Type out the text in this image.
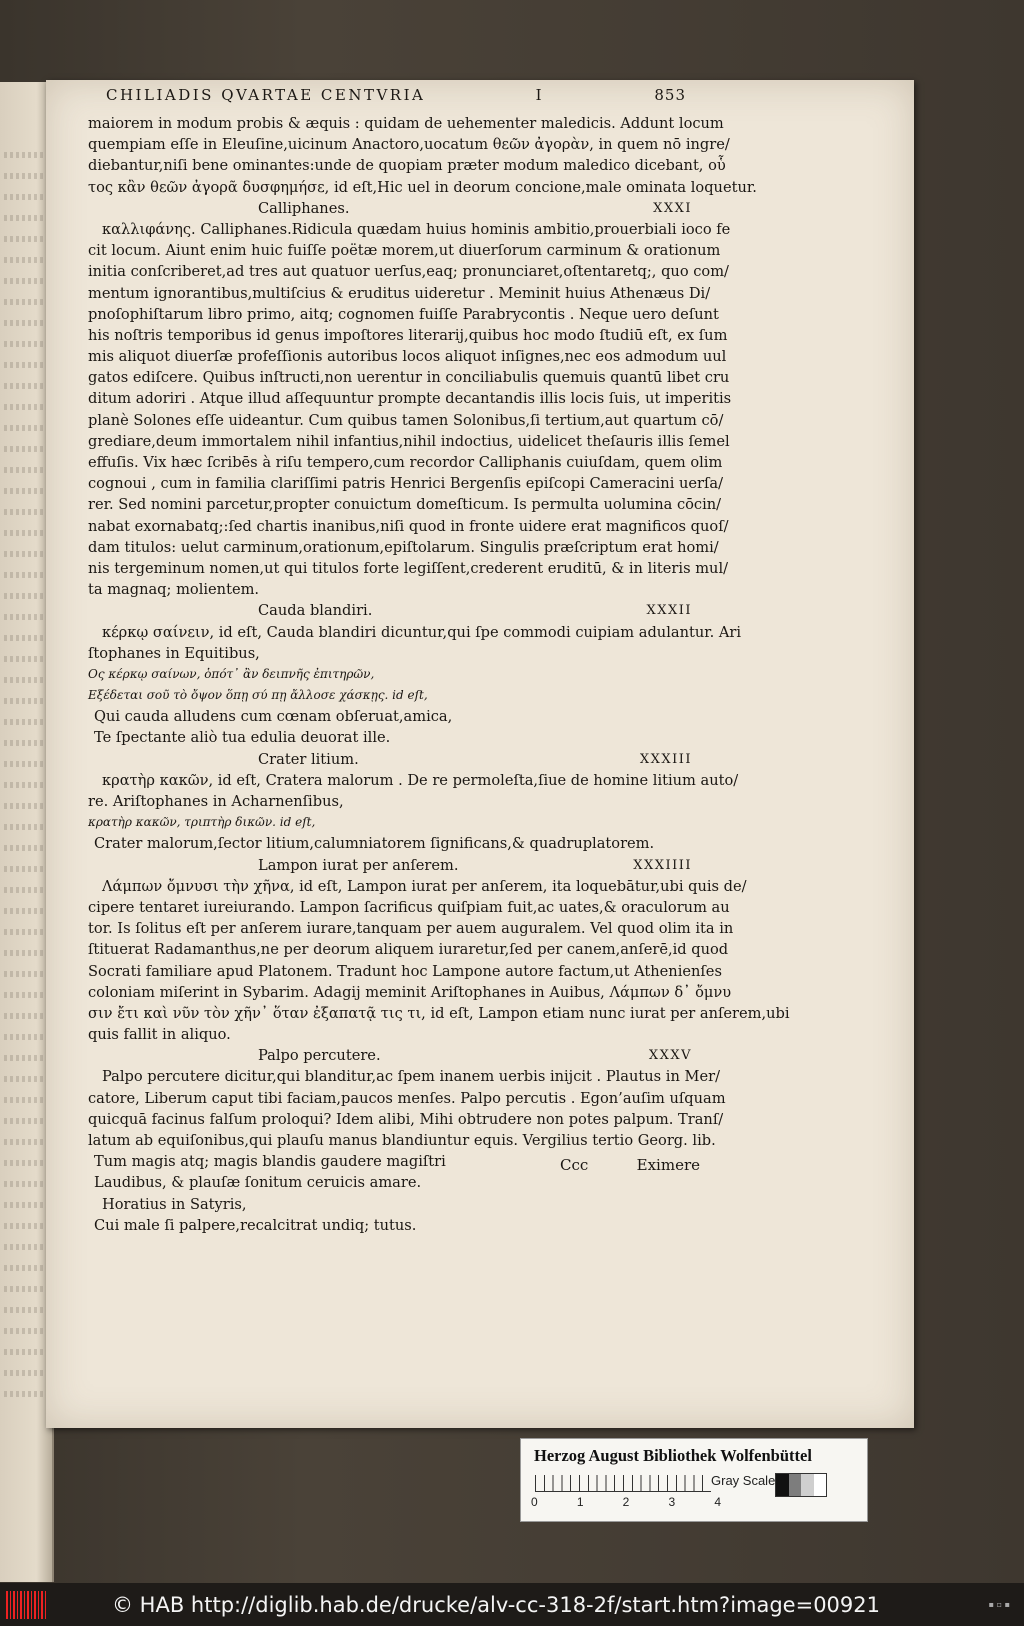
CHILIADIS QVARTAE CENTVRIA	I	853
maiorem in modum probis & æquis : quidam de uehementer maledicis. Addunt locum
quempiam eſſe in Eleuſine,uicinum Anactoro,uocatum θεῶν ἀγορὰν, in quem nō ingre/
diebantur,niſi bene ominantes:unde de quopiam præter modum maledico dicebant, οὗ
τος κἂν θεῶν ἀγορᾶ δυσφημήσε, id eſt,Hic uel in deorum concione,male ominata loquetur.
Calliphanes.	XXXI
καλλιφάνης. Calliphanes.Ridicula quædam huius hominis ambitio,prouerbiali ioco fe
cit locum. Aiunt enim huic fuiſſe poëtæ morem,ut diuerſorum carminum & orationum
initia conſcriberet,ad tres aut quatuor uerſus,eaq; pronunciaret,oſtentaretq;, quo com/
mentum ignorantibus,multiſcius & eruditus uideretur . Meminit huius Athenæus Di/
pnoſophiſtarum libro primo, aitq; cognomen fuiſſe Parabrycontis . Neque uero deſunt
his noſtris temporibus id genus impoſtores literarij,quibus hoc modo ſtudiū eſt, ex ſum
mis aliquot diuerſæ profeſſionis autoribus locos aliquot inſignes,nec eos admodum uul
gatos ediſcere. Quibus inſtructi,non uerentur in conciliabulis quemuis quantū libet cru
ditum adoriri . Atque illud aſſequuntur prompte decantandis illis locis ſuis, ut imperitis
planè Solones eſſe uideantur. Cum quibus tamen Solonibus,ſi tertium,aut quartum cō/
grediare,deum immortalem nihil infantius,nihil indoctius, uidelicet theſauris illis ſemel
effuſis. Vix hæc ſcribēs à riſu tempero,cum recordor Calliphanis cuiuſdam, quem olim
cognoui , cum in familia clariſſimi patris Henrici Bergenſis epiſcopi Cameracini uerſa/
rer. Sed nomini parcetur,propter conuictum domeſticum. Is permulta uolumina cōcin/
nabat exornabatq;:ſed chartis inanibus,niſi quod in fronte uidere erat magnificos quoſ/
dam titulos: uelut carminum,orationum,epiſtolarum. Singulis præſcriptum erat homi/
nis tergeminum nomen,ut qui titulos forte legiſſent,crederent eruditū, & in literis mul/
ta magnaq; molientem.
Cauda blandiri.	XXXII
κέρκῳ σαίνειν, id eſt, Cauda blandiri dicuntur,qui ſpe commodi cuipiam adulantur. Ari
ſtophanes in Equitibus,
Ος κέρκῳ σαίνων, ὁπότ᾽ ἂν δειπνῆς ἐπιτηρῶν,
Εξέδεται σοῦ τὸ ὄψον ὅπῃ σύ πῃ ἄλλοσε χάσκῃς. id eſt,
Qui cauda alludens cum cœnam obſeruat,amica,
Te ſpectante aliò tua edulia deuorat ille.
Crater litium.	XXXIII
κρατὴρ κακῶν, id eſt, Cratera malorum . De re permoleſta,ſiue de homine litium auto/
re. Ariſtophanes in Acharnenſibus,
κρατὴρ κακῶν, τριπτὴρ δικῶν. id eſt,
Crater malorum,ſector litium,calumniatorem ſignificans,& quadruplatorem.
Lampon iurat per anſerem.	XXXIIII
Λάμπων ὄμνυσι τὴν χῆνα, id eſt, Lampon iurat per anſerem, ita loquebātur,ubi quis de/
cipere tentaret iureiurando. Lampon ſacrificus quiſpiam fuit,ac uates,& oraculorum au
tor. Is ſolitus eſt per anſerem iurare,tanquam per auem auguralem. Vel quod olim ita in
ſtituerat Radamanthus,ne per deorum aliquem iuraretur,ſed per canem,anſerē,id quod
Socrati familiare apud Platonem. Tradunt hoc Lampone autore factum,ut Athenienſes
coloniam miſerint in Sybarim. Adagij meminit Ariſtophanes in Auibus, Λάμπων δ᾽ ὄμνυ
σιν ἔτι καὶ νῦν τὸν χῆν᾽ ὅταν ἐξαπατᾷ τις τι, id eſt, Lampon etiam nunc iurat per anſerem,ubi
quis fallit in aliquo.
Palpo percutere.	XXXV
Palpo percutere dicitur,qui blanditur,ac ſpem inanem uerbis inijcit . Plautus in Mer/
catore, Liberum caput tibi faciam,paucos menſes. Palpo percutis . Egon’auſim uſquam
quicquā facinus falſum proloqui? Idem alibi, Mihi obtrudere non potes palpum. Tranſ/
latum ab equiſonibus,qui plauſu manus blandiuntur equis. Vergilius tertio Georg. lib.
Tum magis atq; magis blandis gaudere magiſtri
Laudibus, & plauſæ ſonitum ceruicis amare.
Horatius in Satyris,
Cui male ſi palpere,recalcitrat undiq; tutus.
Ccc	Eximere
Herzog August Bibliothek Wolfenbüttel
0	1	2	3	4
Gray Scale
© HAB http://diglib.hab.de/drucke/alv-cc-318-2f/start.htm?image=00921	▪ ▫ ▪
